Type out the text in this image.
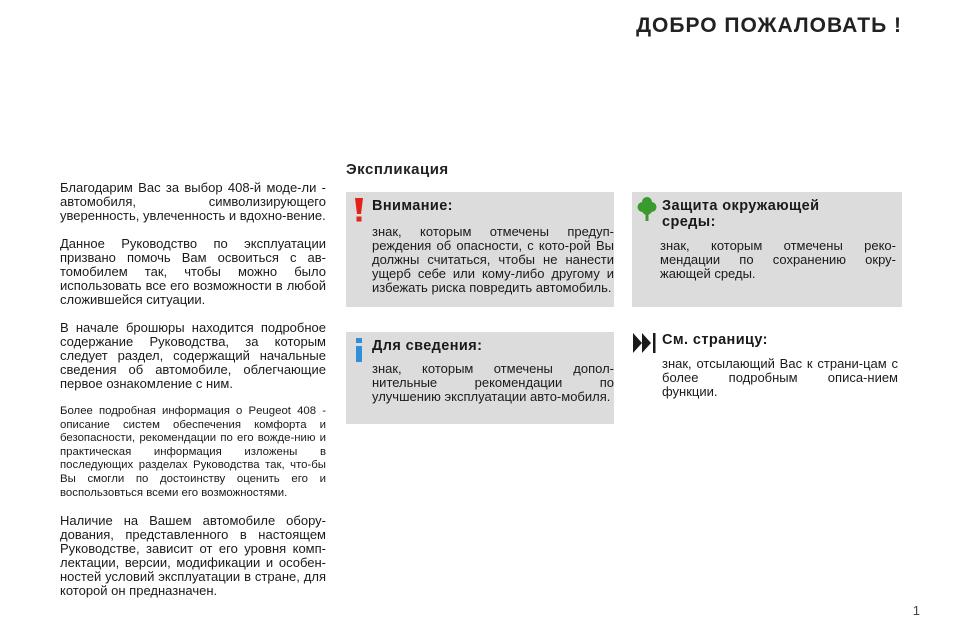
ДОБРО ПОЖАЛОВАТЬ !
Экспликация

Благодарим Вас за выбор 408-й моде-ли - автомобиля, символизирующего уверенность, увлеченность и вдохно-вение.

Данное Руководство по эксплуатации призвано помочь Вам освоиться с ав-томобилем так, чтобы можно было использовать все его возможности в любой сложившейся ситуации.

В начале брошюры находится подробное содержание Руководства, за которым следует раздел, содержащий начальные сведения об автомобиле, облегчающие первое ознакомление с ним.

Более подробная информация о Peugeot 408 - описание систем обеспечения комфорта и безопасности, рекомендации по его вожде-нию и практическая информация изложены в последующих разделах Руководства так, что-бы Вы смогли по достоинству оценить его и воспользовться всеми его возможностями.

Наличие на Вашем автомобиле обору-дования, представленного в настоящем Руководстве, зависит от его уровня комп-лектации, версии, модификации и особен-ностей условий эксплуатации в стране, для которой он предназначен.

Внимание:
знак, которым отмечены предуп-реждения об опасности, с кото-рой Вы должны считаться, чтобы не нанести ущерб себе или кому-либо другому и избежать риска повредить автомобиль.
Защита окружающей среды:
знак, которым отмечены реко-мендации по сохранению окру-жающей среды.
Для сведения:
знак, которым отмечены допол-нительные рекомендации по улучшению эксплуатации авто-мобиля.
См. страницу:
знак, отсылающий Вас к страни-цам с более подробным описа-нием функции.
1
